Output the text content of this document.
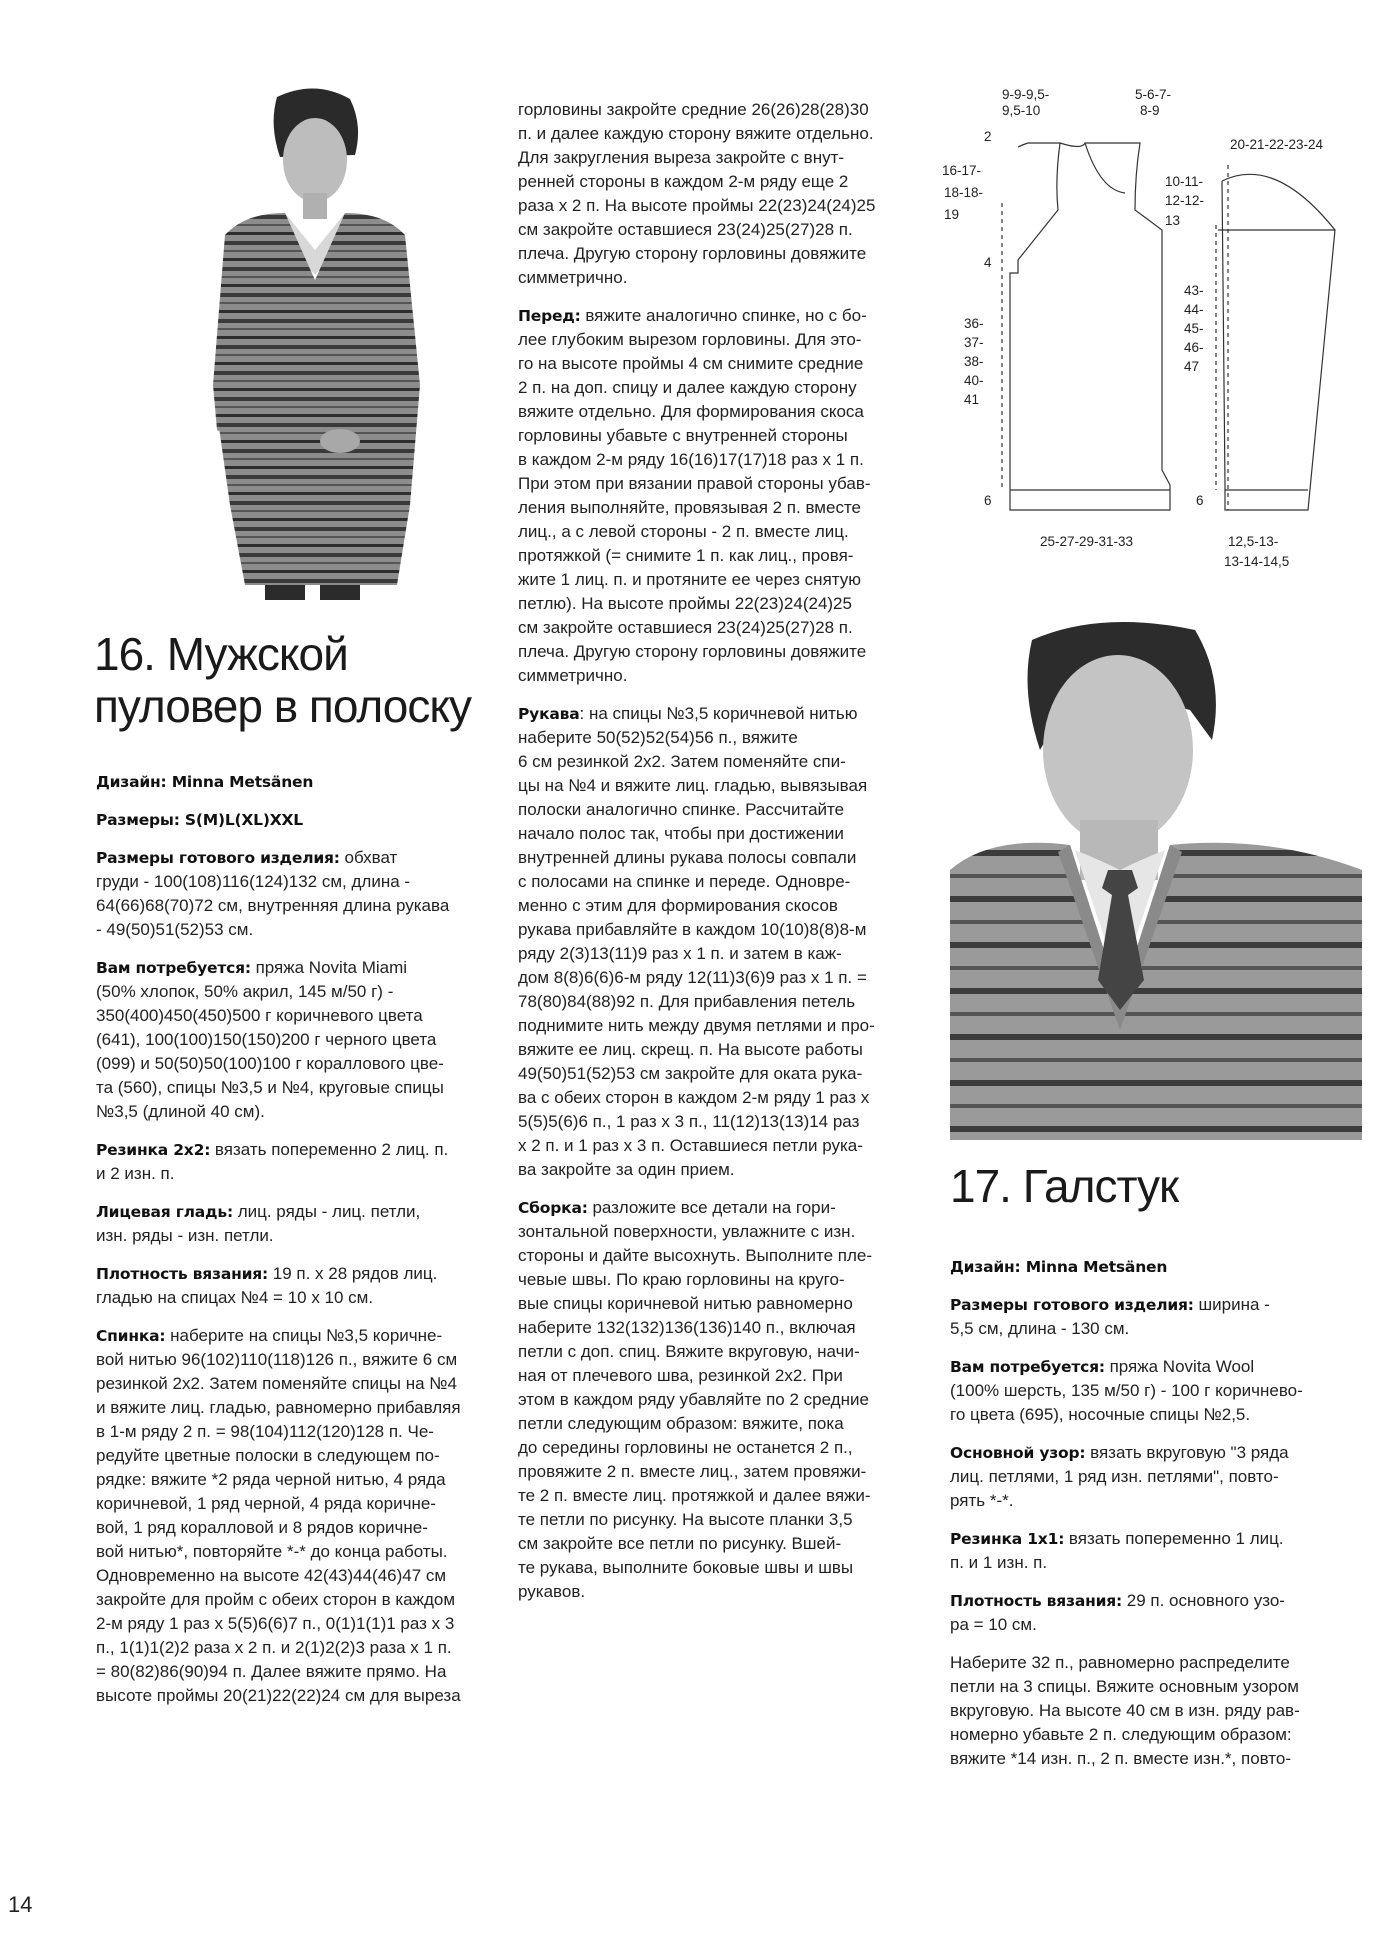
16. Мужской
пуловер в полоску

Дизайн: Minna Metsänen

Размеры: S(M)L(XL)XXL

Размеры готового изделия: обхват
груди - 100(108)116(124)132 см, длина -
64(66)68(70)72 см, внутренняя длина рукава
- 49(50)51(52)53 см.

Вам потребуется: пряжа Novita Miami
(50% хлопок, 50% акрил, 145 м/50 г) -
350(400)450(450)500 г коричневого цвета
(641), 100(100)150(150)200 г черного цвета
(099) и 50(50)50(100)100 г кораллового цве-
та (560), спицы №3,5 и №4, круговые спицы
№3,5 (длиной 40 см).

Резинка 2x2: вязать попеременно 2 лиц. п.
и 2 изн. п.

Лицевая гладь: лиц. ряды - лиц. петли,
изн. ряды - изн. петли.

Плотность вязания: 19 п. х 28 рядов лиц.
гладью на спицах №4 = 10 х 10 см.

Спинка: наберите на спицы №3,5 коричне-
вой нитью 96(102)110(118)126 п., вяжите 6 см
резинкой 2x2. Затем поменяйте спицы на №4
и вяжите лиц. гладью, равномерно прибавляя
в 1-м ряду 2 п. = 98(104)112(120)128 п. Че-
редуйте цветные полоски в следующем по-
рядке: вяжите *2 ряда черной нитью, 4 ряда
коричневой, 1 ряд черной, 4 ряда коричне-
вой, 1 ряд коралловой и 8 рядов коричне-
вой нитью*, повторяйте *-* до конца работы.
Одновременно на высоте 42(43)44(46)47 см
закройте для пройм с обеих сторон в каждом
2-м ряду 1 раз х 5(5)6(6)7 п., 0(1)1(1)1 раз х 3
п., 1(1)1(2)2 раза х 2 п. и 2(1)2(2)3 раза х 1 п.
= 80(82)86(90)94 п. Далее вяжите прямо. На
высоте проймы 20(21)22(22)24 см для выреза

горловины закройте средние 26(26)28(28)30
п. и далее каждую сторону вяжите отдельно.
Для закругления выреза закройте с внут-
ренней стороны в каждом 2-м ряду еще 2
раза х 2 п. На высоте проймы 22(23)24(24)25
см закройте оставшиеся 23(24)25(27)28 п.
плеча. Другую сторону горловины довяжите
симметрично.

Перед: вяжите аналогично спинке, но с бо-
лее глубоким вырезом горловины. Для это-
го на высоте проймы 4 см снимите средние
2 п. на доп. спицу и далее каждую сторону
вяжите отдельно. Для формирования скоса
горловины убавьте с внутренней стороны
в каждом 2-м ряду 16(16)17(17)18 раз х 1 п.
При этом при вязании правой стороны убав-
ления выполняйте, провязывая 2 п. вместе
лиц., а с левой стороны - 2 п. вместе лиц.
протяжкой (= снимите 1 п. как лиц., провя-
жите 1 лиц. п. и протяните ее через снятую
петлю). На высоте проймы 22(23)24(24)25
см закройте оставшиеся 23(24)25(27)28 п.
плеча. Другую сторону горловины довяжите
симметрично.

Рукава: на спицы №3,5 коричневой нитью
наберите 50(52)52(54)56 п., вяжите
6 см резинкой 2x2. Затем поменяйте спи-
цы на №4 и вяжите лиц. гладью, вывязывая
полоски аналогично спинке. Рассчитайте
начало полос так, чтобы при достижении
внутренней длины рукава полосы совпали
с полосами на спинке и переде. Одновре-
менно с этим для формирования скосов
рукава прибавляйте в каждом 10(10)8(8)8-м
ряду 2(3)13(11)9 раз х 1 п. и затем в каж-
дом 8(8)6(6)6-м ряду 12(11)3(6)9 раз х 1 п. =
78(80)84(88)92 п. Для прибавления петель
поднимите нить между двумя петлями и про-
вяжите ее лиц. скрещ. п. На высоте работы
49(50)51(52)53 см закройте для оката рука-
ва с обеих сторон в каждом 2-м ряду 1 раз х
5(5)5(6)6 п., 1 раз х 3 п., 11(12)13(13)14 раз
х 2 п. и 1 раз х 3 п. Оставшиеся петли рука-
ва закройте за один прием.

Сборка: разложите все детали на гори-
зонтальной поверхности, увлажните с изн.
стороны и дайте высохнуть. Выполните пле-
чевые швы. По краю горловины на круго-
вые спицы коричневой нитью равномерно
наберите 132(132)136(136)140 п., включая
петли с доп. спиц. Вяжите вкруговую, начи-
ная от плечевого шва, резинкой 2x2. При
этом в каждом ряду убавляйте по 2 средние
петли следующим образом: вяжите, пока
до середины горловины не останется 2 п.,
провяжите 2 п. вместе лиц., затем провяжи-
те 2 п. вместе лиц. протяжкой и далее вяжи-
те петли по рисунку. На высоте планки 3,5
см закройте все петли по рисунку. Вшей-
те рукава, выполните боковые швы и швы
рукавов.

9-9-9,5-
9,5-10
5-6-7-
8-9
2
16-17-
18-18-
19
4
36-
37-
38-
40-
41
6
25-27-29-31-33
20-21-22-23-24
10-11-
12-12-
13
43-
44-
45-
46-
47
6
12,5-13-
13-14-14,5
17. Галстук

Дизайн: Minna Metsänen

Размеры готового изделия: ширина -
5,5 см, длина - 130 см.

Вам потребуется: пряжа Novita Wool
(100% шерсть, 135 м/50 г) - 100 г коричнево-
го цвета (695), носочные спицы №2,5.

Основной узор: вязать вкруговую "3 ряда
лиц. петлями, 1 ряд изн. петлями", повто-
рять *-*.

Резинка 1x1: вязать попеременно 1 лиц.
п. и 1 изн. п.

Плотность вязания: 29 п. основного узо-
ра = 10 см.

Наберите 32 п., равномерно распределите
петли на 3 спицы. Вяжите основным узором
вкруговую. На высоте 40 см в изн. ряду рав-
номерно убавьте 2 п. следующим образом:
вяжите *14 изн. п., 2 п. вместе изн.*, повто-

14
